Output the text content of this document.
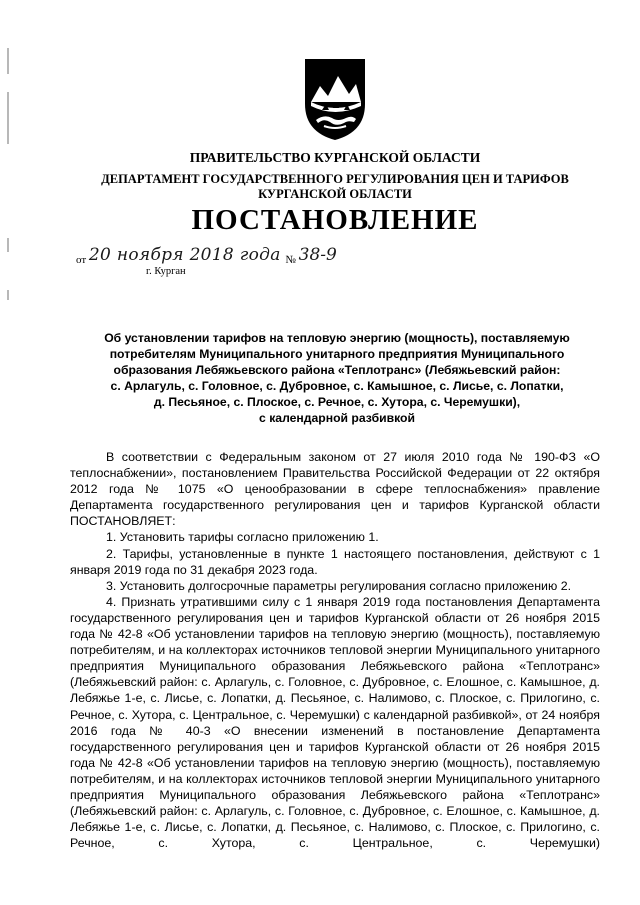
ПРАВИТЕЛЬСТВО КУРГАНСКОЙ ОБЛАСТИ
ДЕПАРТАМЕНТ ГОСУДАРСТВЕННОГО РЕГУЛИРОВАНИЯ ЦЕН И ТАРИФОВ
КУРГАНСКОЙ ОБЛАСТИ
ПОСТАНОВЛЕНИЕ
от 20 ноября 2018 года № 38-9
г. Курган
Об установлении тарифов на тепловую энергию (мощность), поставляемую
потребителям Муниципального унитарного предприятия Муниципального
образования Лебяжьевского района «Теплотранс» (Лебяжьевский район:
с. Арлагуль, с. Головное, с. Дубровное, с. Камышное, с. Лисье, с. Лопатки,
д. Песьяное, с. Плоское, с. Речное, с. Хутора, с. Черемушки),
с календарной разбивкой

В соответствии с Федеральным законом от 27 июля 2010 года № 190-ФЗ «О теплоснабжении», постановлением Правительства Российской Федерации от 22 октября 2012 года № 1075 «О ценообразовании в сфере теплоснабжения» правление Департамента государственного регулирования цен и тарифов Курганской области ПОСТАНОВЛЯЕТ:

1. Установить тарифы согласно приложению 1.

2. Тарифы, установленные в пункте 1 настоящего постановления, действуют с 1 января 2019 года по 31 декабря 2023 года.

3. Установить долгосрочные параметры регулирования согласно приложению 2.

4. Признать утратившими силу с 1 января 2019 года постановления Департамента государственного регулирования цен и тарифов Курганской области от 26 ноября 2015 года № 42-8 «Об установлении тарифов на тепловую энергию (мощность), поставляемую потребителям, и на коллекторах источников тепловой энергии Муниципального унитарного предприятия Муниципального образования Лебяжьевского района «Теплотранс» (Лебяжьевский район: с. Арлагуль, с. Головное, с. Дубровное, с. Елошное, с. Камышное, д. Лебяжье 1-е, с. Лисье, с. Лопатки, д. Песьяное, с. Налимово, с. Плоское, с. Прилогино, с. Речное, с. Хутора, с. Центральное, с. Черемушки) с календарной разбивкой», от 24 ноября 2016 года № 40-3 «О внесении изменений в постановление Департамента государственного регулирования цен и тарифов Курганской области от 26 ноября 2015 года № 42-8 «Об установлении тарифов на тепловую энергию (мощность), поставляемую потребителям, и на коллекторах источников тепловой энергии Муниципального унитарного предприятия Муниципального образования Лебяжьевского района «Теплотранс» (Лебяжьевский район: с. Арлагуль, с. Головное, с. Дубровное, с. Елошное, с. Камышное, д. Лебяжье 1-е, с. Лисье, с. Лопатки, д. Песьяное, с. Налимово, с. Плоское, с. Прилогино, с. Речное, с. Хутора, с. Центральное, с. Черемушки)
